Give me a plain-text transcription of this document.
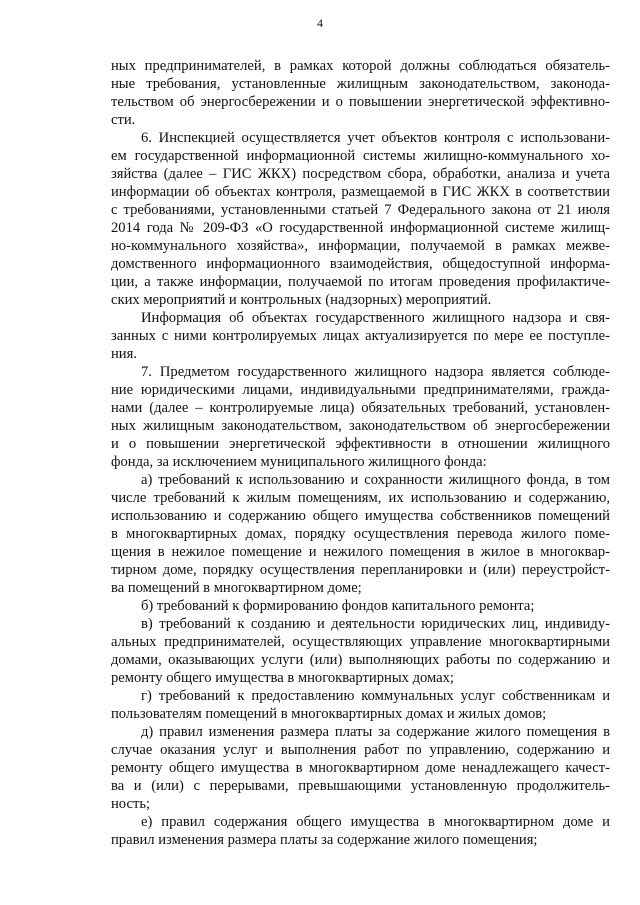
4
ных предпринимателей, в рамках которой должны соблюдаться обязатель-
ные требования, установленные жилищным законодательством, законода-
тельством об энергосбережении и о повышении энергетической эффективно-
сти.
6. Инспекцией осуществляется учет объектов контроля с использовани-
ем государственной информационной системы жилищно-коммунального хо-
зяйства (далее – ГИС ЖКХ) посредством сбора, обработки, анализа и учета
информации об объектах контроля, размещаемой в ГИС ЖКХ в соответствии
с требованиями, установленными статьей 7 Федерального закона от 21 июля
2014 года № 209-ФЗ «О государственной информационной системе жилищ-
но-коммунального хозяйства», информации, получаемой в рамках межве-
домственного информационного взаимодействия, общедоступной информа-
ции, а также информации, получаемой по итогам проведения профилактиче-
ских мероприятий и контрольных (надзорных) мероприятий.
Информация об объектах государственного жилищного надзора и свя-
занных с ними контролируемых лицах актуализируется по мере ее поступле-
ния.
7. Предметом государственного жилищного надзора является соблюде-
ние юридическими лицами, индивидуальными предпринимателями, гражда-
нами (далее – контролируемые лица) обязательных требований, установлен-
ных жилищным законодательством, законодательством об энергосбережении
и о повышении энергетической эффективности в отношении жилищного
фонда, за исключением муниципального жилищного фонда:
а) требований к использованию и сохранности жилищного фонда, в том
числе требований к жилым помещениям, их использованию и содержанию,
использованию и содержанию общего имущества собственников помещений
в многоквартирных домах, порядку осуществления перевода жилого поме-
щения в нежилое помещение и нежилого помещения в жилое в многоквар-
тирном доме, порядку осуществления перепланировки и (или) переустройст-
ва помещений в многоквартирном доме;
б) требований к формированию фондов капитального ремонта;
в) требований к созданию и деятельности юридических лиц, индивиду-
альных предпринимателей, осуществляющих управление многоквартирными
домами, оказывающих услуги (или) выполняющих работы по содержанию и
ремонту общего имущества в многоквартирных домах;
г) требований к предоставлению коммунальных услуг собственникам и
пользователям помещений в многоквартирных домах и жилых домов;
д) правил изменения размера платы за содержание жилого помещения в
случае оказания услуг и выполнения работ по управлению, содержанию и
ремонту общего имущества в многоквартирном доме ненадлежащего качест-
ва и (или) с перерывами, превышающими установленную продолжитель-
ность;
е) правил содержания общего имущества в многоквартирном доме и
правил изменения размера платы за содержание жилого помещения;
